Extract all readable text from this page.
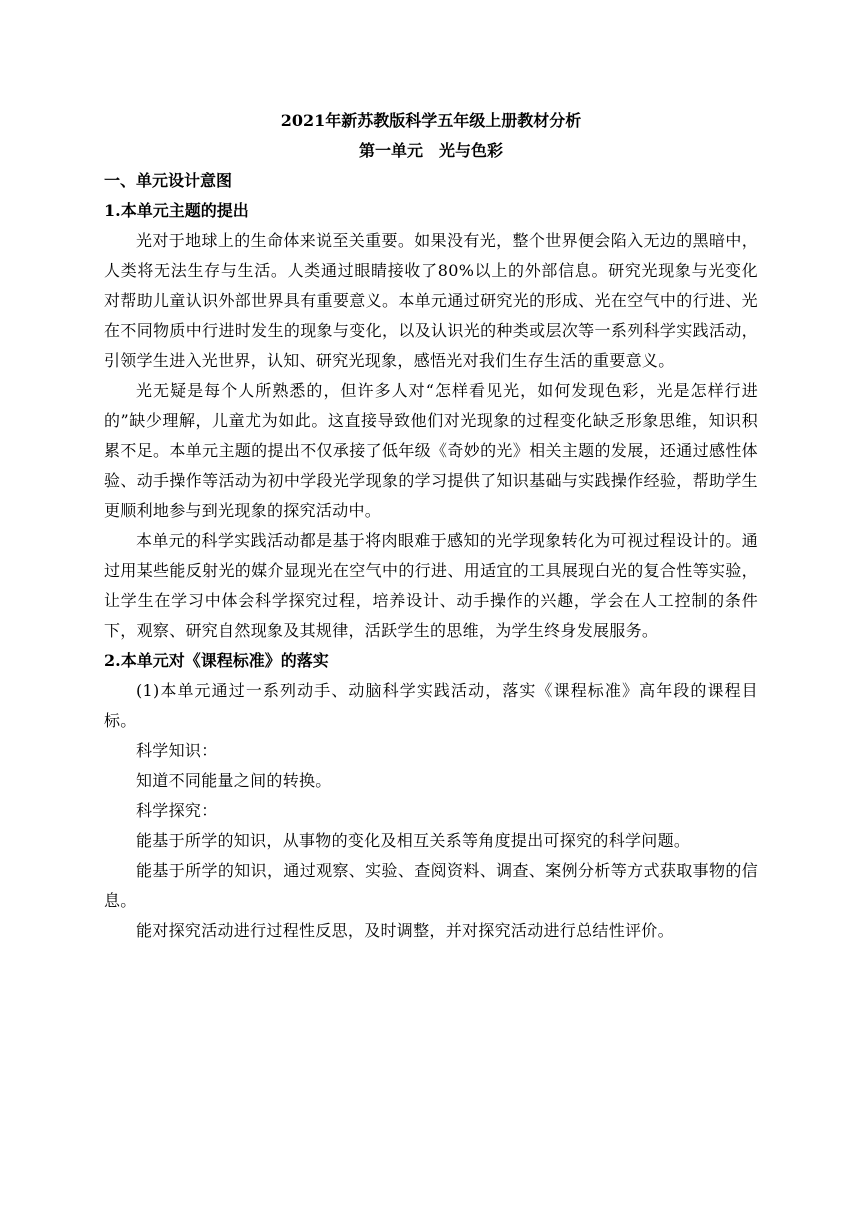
2021年新苏教版科学五年级上册教材分析
第一单元　光与色彩
一、单元设计意图
1.本单元主题的提出

光对于地球上的生命体来说至关重要。如果没有光，整个世界便会陷入无边的黑暗中，人类将无法生存与生活。人类通过眼睛接收了80%以上的外部信息。研究光现象与光变化对帮助儿童认识外部世界具有重要意义。本单元通过研究光的形成、光在空气中的行进、光在不同物质中行进时发生的现象与变化，以及认识光的种类或层次等一系列科学实践活动，引领学生进入光世界，认知、研究光现象，感悟光对我们生存生活的重要意义。

光无疑是每个人所熟悉的，但许多人对“怎样看见光，如何发现色彩，光是怎样行进的”缺少理解，儿童尤为如此。这直接导致他们对光现象的过程变化缺乏形象思维，知识积累不足。本单元主题的提出不仅承接了低年级《奇妙的光》相关主题的发展，还通过感性体验、动手操作等活动为初中学段光学现象的学习提供了知识基础与实践操作经验，帮助学生更顺利地参与到光现象的探究活动中。

本单元的科学实践活动都是基于将肉眼难于感知的光学现象转化为可视过程设计的。通过用某些能反射光的媒介显现光在空气中的行进、用适宜的工具展现白光的复合性等实验，让学生在学习中体会科学探究过程，培养设计、动手操作的兴趣，学会在人工控制的条件下，观察、研究自然现象及其规律，活跃学生的思维，为学生终身发展服务。

2.本单元对《课程标准》的落实

(1)本单元通过一系列动手、动脑科学实践活动，落实《课程标准》高年段的课程目标。

科学知识：

知道不同能量之间的转换。

科学探究：

能基于所学的知识，从事物的变化及相互关系等角度提出可探究的科学问题。

能基于所学的知识，通过观察、实验、查阅资料、调查、案例分析等方式获取事物的信息。

能对探究活动进行过程性反思，及时调整，并对探究活动进行总结性评价。
